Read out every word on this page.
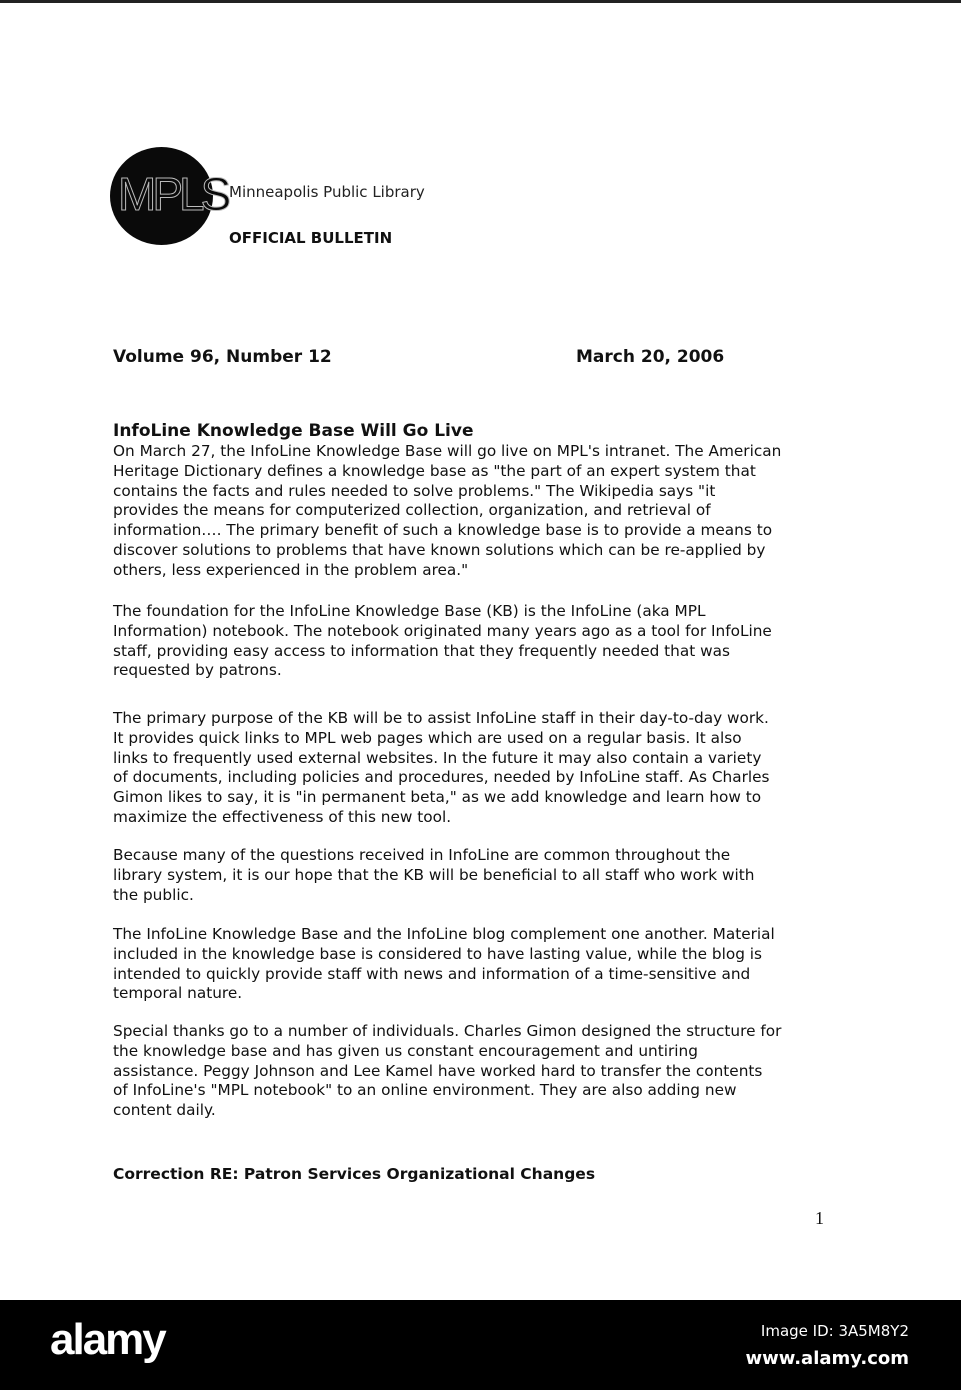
MPLS Minneapolis Public Library
OFFICIAL BULLETIN
Volume 96, Number 12	March 20, 2006
InfoLine Knowledge Base Will Go Live
On March 27, the InfoLine Knowledge Base will go live on MPL's intranet. The American
Heritage Dictionary defines a knowledge base as "the part of an expert system that
contains the facts and rules needed to solve problems." The Wikipedia says "it
provides the means for computerized collection, organization, and retrieval of
information…. The primary benefit of such a knowledge base is to provide a means to
discover solutions to problems that have known solutions which can be re-applied by
others, less experienced in the problem area."
The foundation for the InfoLine Knowledge Base (KB) is the InfoLine (aka MPL
Information) notebook. The notebook originated many years ago as a tool for InfoLine
staff, providing easy access to information that they frequently needed that was
requested by patrons.
The primary purpose of the KB will be to assist InfoLine staff in their day-to-day work.
It provides quick links to MPL web pages which are used on a regular basis. It also
links to frequently used external websites. In the future it may also contain a variety
of documents, including policies and procedures, needed by InfoLine staff. As Charles
Gimon likes to say, it is "in permanent beta," as we add knowledge and learn how to
maximize the effectiveness of this new tool.
Because many of the questions received in InfoLine are common throughout the
library system, it is our hope that the KB will be beneficial to all staff who work with
the public.
The InfoLine Knowledge Base and the InfoLine blog complement one another. Material
included in the knowledge base is considered to have lasting value, while the blog is
intended to quickly provide staff with news and information of a time-sensitive and
temporal nature.
Special thanks go to a number of individuals. Charles Gimon designed the structure for
the knowledge base and has given us constant encouragement and untiring
assistance. Peggy Johnson and Lee Kamel have worked hard to transfer the contents
of InfoLine's "MPL notebook" to an online environment. They are also adding new
content daily.
Correction RE: Patron Services Organizational Changes
1
alamy	Image ID: 3A5M8Y2
www.alamy.com
